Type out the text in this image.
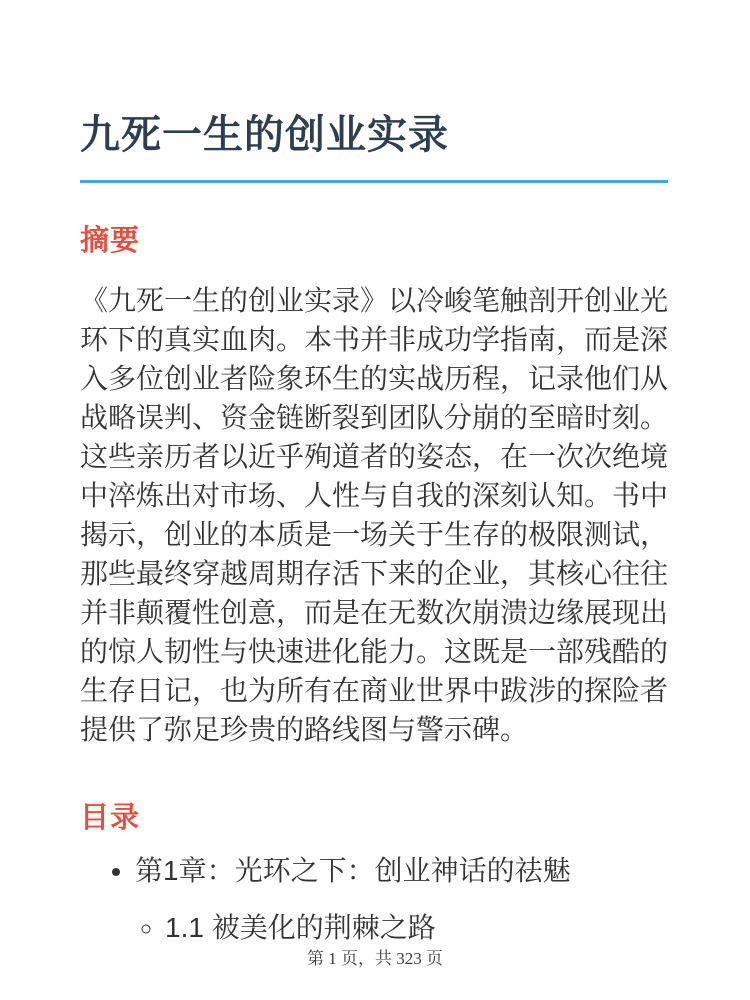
九死一生的创业实录
摘要

《九死一生的创业实录》以冷峻笔触剖开创业光环下的真实血肉。本书并非成功学指南，而是深入多位创业者险象环生的实战历程，记录他们从战略误判、资金链断裂到团队分崩的至暗时刻。这些亲历者以近乎殉道者的姿态，在一次次绝境中淬炼出对市场、人性与自我的深刻认知。书中揭示，创业的本质是一场关于生存的极限测试，那些最终穿越周期存活下来的企业，其核心往往并非颠覆性创意，而是在无数次崩溃边缘展现出的惊人韧性与快速进化能力。这既是一部残酷的生存日记，也为所有在商业世界中跋涉的探险者提供了弥足珍贵的路线图与警示碑。

目录
• 第1章：光环之下：创业神话的祛魅
◦ 1.1 被美化的荆棘之路
第 1 页，共 323 页
